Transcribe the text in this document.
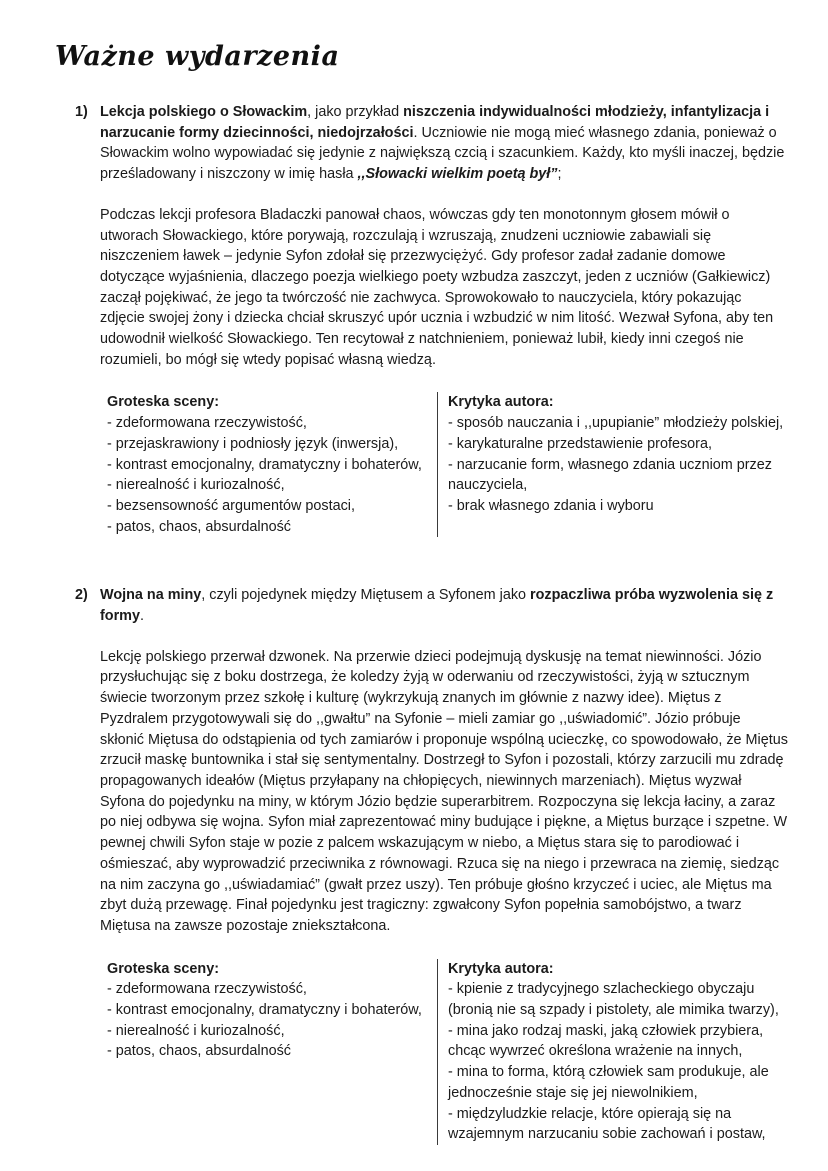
Ważne wydarzenia
1) Lekcja polskiego o Słowackim, jako przykład niszczenia indywidualności młodzieży, infantylizacja i narzucanie formy dziecinności, niedojrzałości. Uczniowie nie mogą mieć własnego zdania, ponieważ o Słowackim wolno wypowiadać się jedynie z największą czcią i szacunkiem. Każdy, kto myśli inaczej, będzie prześladowany i niszczony w imię hasła ,,Słowacki wielkim poetą był”;

Podczas lekcji profesora Bladaczki panował chaos, wówczas gdy ten monotonnym głosem mówił o utworach Słowackiego, które porywają, rozczulają i wzruszają, znudzeni uczniowie zabawiali się niszczeniem ławek – jedynie Syfon zdołał się przezwyciężyć. Gdy profesor zadał zadanie domowe dotyczące wyjaśnienia, dlaczego poezja wielkiego poety wzbudza zaszczyt, jeden z uczniów (Gałkiewicz) zaczął pojękiwać, że jego ta twórczość nie zachwyca. Sprowokowało to nauczyciela, który pokazując zdjęcie swojej żony i dziecka chciał skruszyć upór ucznia i wzbudzić w nim litość. Wezwał Syfona, aby ten udowodnił wielkość Słowackiego. Ten recytował z natchnieniem, ponieważ lubił, kiedy inni czegoś nie rozumieli, bo mógł się wtedy popisać własną wiedzą.

Groteska sceny:
- zdeformowana rzeczywistość,
- przejaskrawiony i podniosły język (inwersja),
- kontrast emocjonalny, dramatyczny i bohaterów,
- nierealność i kuriozalność,
- bezsensowność argumentów postaci,
- patos, chaos, absurdalność
Krytyka autora:
- sposób nauczania i ,,upupianie” młodzieży polskiej,
- karykaturalne przedstawienie profesora,
- narzucanie form, własnego zdania uczniom przez nauczyciela,
- brak własnego zdania i wyboru
2) Wojna na miny, czyli pojedynek między Miętusem a Syfonem jako rozpaczliwa próba wyzwolenia się z formy.

Lekcję polskiego przerwał dzwonek. Na przerwie dzieci podejmują dyskusję na temat niewinności. Józio przysłuchując się z boku dostrzega, że koledzy żyją w oderwaniu od rzeczywistości, żyją w sztucznym świecie tworzonym przez szkołę i kulturę (wykrzykują znanych im głównie z nazwy idee). Miętus z Pyzdralem przygotowywali się do ,,gwałtu” na Syfonie – mieli zamiar go ,,uświadomić”. Józio próbuje skłonić Miętusa do odstąpienia od tych zamiarów i proponuje wspólną ucieczkę, co spowodowało, że Miętus zrzucił maskę buntownika i stał się sentymentalny. Dostrzegł to Syfon i pozostali, którzy zarzucili mu zdradę propagowanych ideałów (Miętus przyłapany na chłopięcych, niewinnych marzeniach). Miętus wyzwał Syfona do pojedynku na miny, w którym Józio będzie superarbitrem. Rozpoczyna się lekcja łaciny, a zaraz po niej odbywa się wojna. Syfon miał zaprezentować miny budujące i piękne, a Miętus burzące i szpetne. W pewnej chwili Syfon staje w pozie z palcem wskazującym w niebo, a Miętus stara się to parodiować i ośmieszać, aby wyprowadzić przeciwnika z równowagi. Rzuca się na niego i przewraca na ziemię, siedząc na nim zaczyna go ,,uświadamiać” (gwałt przez uszy). Ten próbuje głośno krzyczeć i uciec, ale Miętus ma zbyt dużą przewagę. Finał pojedynku jest tragiczny: zgwałcony Syfon popełnia samobójstwo, a twarz Miętusa na zawsze pozostaje zniekształcona.

Groteska sceny:
- zdeformowana rzeczywistość,
- kontrast emocjonalny, dramatyczny i bohaterów,
- nierealność i kuriozalność,
- patos, chaos, absurdalność
Krytyka autora:
- kpienie z tradycyjnego szlacheckiego obyczaju (bronią nie są szpady i pistolety, ale mimika twarzy),
- mina jako rodzaj maski, jaką człowiek przybiera, chcąc wywrzeć określona wrażenie na innych,
- mina to forma, którą człowiek sam produkuje, ale jednocześnie staje się jej niewolnikiem,
- międzyludzkie relacje, które opierają się na wzajemnym narzucaniu sobie zachowań i postaw,
